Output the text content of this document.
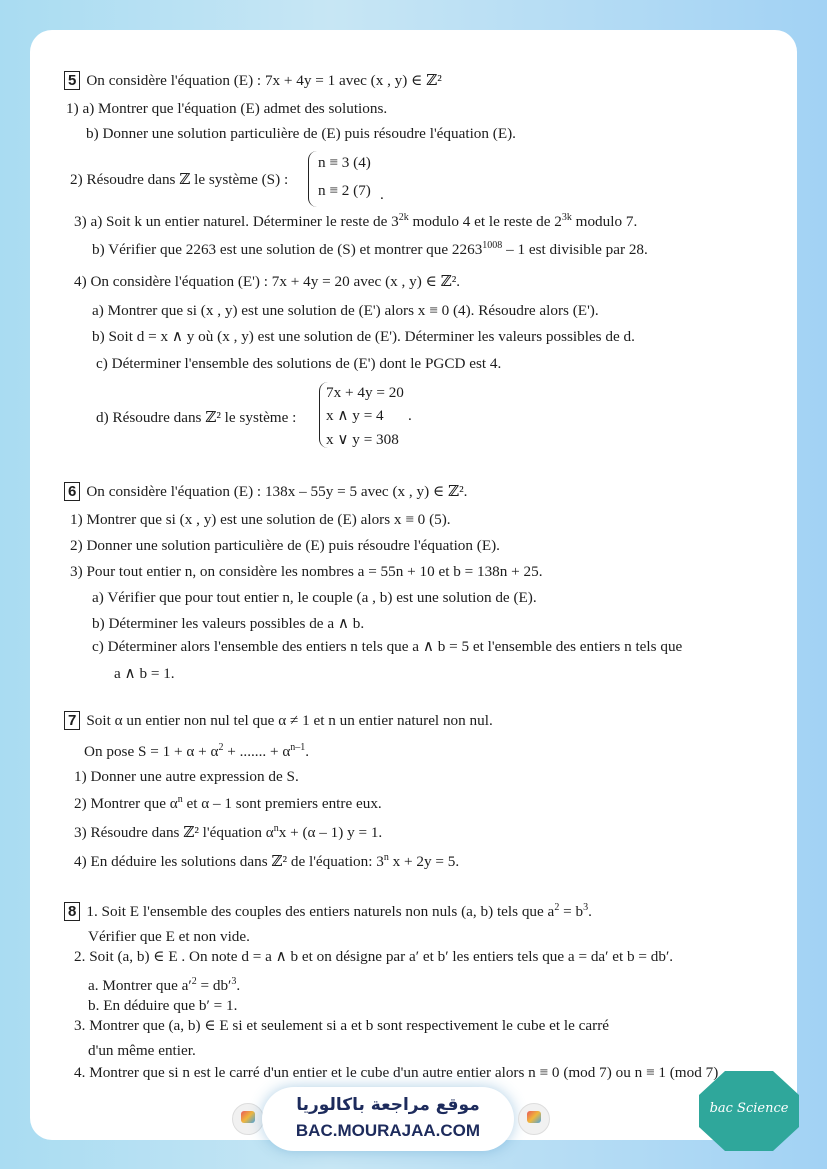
5 On considère l'équation (E) : 7x + 4y = 1 avec (x , y) ∈ ℤ²
1) a) Montrer que l'équation (E) admet des solutions.
b) Donner une solution particulière de (E) puis résoudre l'équation (E).
2) Résoudre dans ℤ le système (S) :
n ≡ 3 (4)
n ≡ 2 (7) .
3) a) Soit k un entier naturel. Déterminer le reste de $3^{2k}$ modulo 4 et le reste de $2^{3k}$ modulo 7.
b) Vérifier que 2263 est une solution de (S) et montrer que $2263^{1008} - 1$ est divisible par 28.
4) On considère l'équation (E') : 7x + 4y = 20 avec (x , y) ∈ ℤ².
a) Montrer que si (x , y) est une solution de (E') alors x ≡ 0 (4). Résoudre alors (E').
b) Soit d = x ∧ y où (x , y) est une solution de (E'). Déterminer les valeurs possibles de d.
c) Déterminer l'ensemble des solutions de (E') dont le PGCD est 4.
d) Résoudre dans ℤ² le système :
7x + 4y = 20
x ∧ y = 4
x ∨ y = 308
.
6 On considère l'équation (E) : 138x – 55y = 5 avec (x , y) ∈ ℤ².
1) Montrer que si (x , y) est une solution de (E) alors x ≡ 0 (5).
2) Donner une solution particulière de (E) puis résoudre l'équation (E).
3) Pour tout entier n, on considère les nombres a = 55n + 10 et b = 138n + 25.
a) Vérifier que pour tout entier n, le couple (a , b) est une solution de (E).
b) Déterminer les valeurs possibles de a ∧ b.
c) Déterminer alors l'ensemble des entiers n tels que a ∧ b = 5 et l'ensemble des entiers n tels que
a ∧ b = 1.
7 Soit α un entier non nul tel que α ≠ 1 et n un entier naturel non nul.
On pose $S = 1 + \alpha + \alpha^2$ + ....... + $\alpha^{n-1}$.
1) Donner une autre expression de S.
2) Montrer que $\alpha^n$ et α – 1 sont premiers entre eux.
3) Résoudre dans ℤ² l'équation $\alpha^nx + (\alpha - 1) y = 1$.
4) En déduire les solutions dans ℤ² de l'équation: 3$^n$ x + 2y = 5.
8 1. Soit E l'ensemble des couples des entiers naturels non nuls (a, b) tels que $a^2 = b^3$.
Vérifier que E et non vide.
2. Soit (a, b) ∈ E . On note d = a ∧ b et on désigne par a′ et b′ les entiers tels que a = da′ et b = db′.
a. Montrer que $a'^2 = db'^3$.
b. En déduire que b′ = 1.
3. Montrer que (a, b) ∈ E si et seulement si a et b sont respectivement le cube et le carré
d'un même entier.
4. Montrer que si n est le carré d'un entier et le cube d'un autre entier alors n ≡ 0 (mod 7) ou n ≡ 1 (mod 7)
موقع مراجعة باكالوريا
BAC.MOURAJAA.COM
bac Science
